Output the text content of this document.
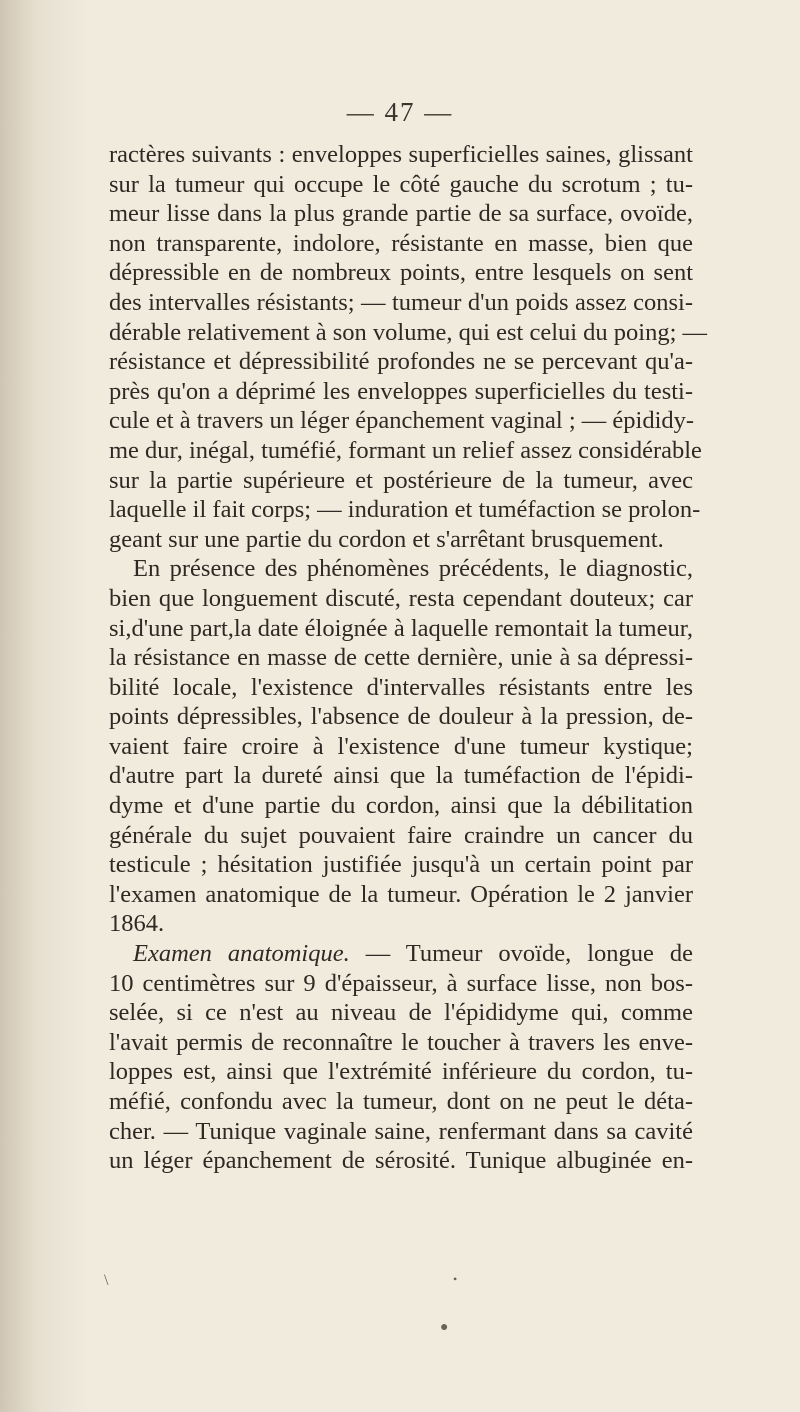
— 47 —
ractères suivants : enveloppes superficielles saines, glissant
sur la tumeur qui occupe le côté gauche du scrotum ; tu-
meur lisse dans la plus grande partie de sa surface, ovoïde,
non transparente, indolore, résistante en masse, bien que
dépressible en de nombreux points, entre lesquels on sent
des intervalles résistants; — tumeur d'un poids assez consi-
dérable relativement à son volume, qui est celui du poing; —
résistance et dépressibilité profondes ne se percevant qu'a-
près qu'on a déprimé les enveloppes superficielles du testi-
cule et à travers un léger épanchement vaginal ; — épididy-
me dur, inégal, tuméfié, formant un relief assez considérable
sur la partie supérieure et postérieure de la tumeur, avec
laquelle il fait corps; — induration et tuméfaction se prolon-
geant sur une partie du cordon et s'arrêtant brusquement.
En présence des phénomènes précédents, le diagnostic,
bien que longuement discuté, resta cependant douteux; car
si,d'une part,la date éloignée à laquelle remontait la tumeur,
la résistance en masse de cette dernière, unie à sa dépressi-
bilité locale, l'existence d'intervalles résistants entre les
points dépressibles, l'absence de douleur à la pression, de-
vaient faire croire à l'existence d'une tumeur kystique;
d'autre part la dureté ainsi que la tuméfaction de l'épidi-
dyme et d'une partie du cordon, ainsi que la débilitation
générale du sujet pouvaient faire craindre un cancer du
testicule ; hésitation justifiée jusqu'à un certain point par
l'examen anatomique de la tumeur. Opération le 2 janvier
1864.
Examen anatomique. — Tumeur ovoïde, longue de
10 centimètres sur 9 d'épaisseur, à surface lisse, non bos-
selée, si ce n'est au niveau de l'épididyme qui, comme
l'avait permis de reconnaître le toucher à travers les enve-
loppes est, ainsi que l'extrémité inférieure du cordon, tu-
méfié, confondu avec la tumeur, dont on ne peut le déta-
cher. — Tunique vaginale saine, renfermant dans sa cavité
un léger épanchement de sérosité. Tunique albuginée en-
\	•
●
